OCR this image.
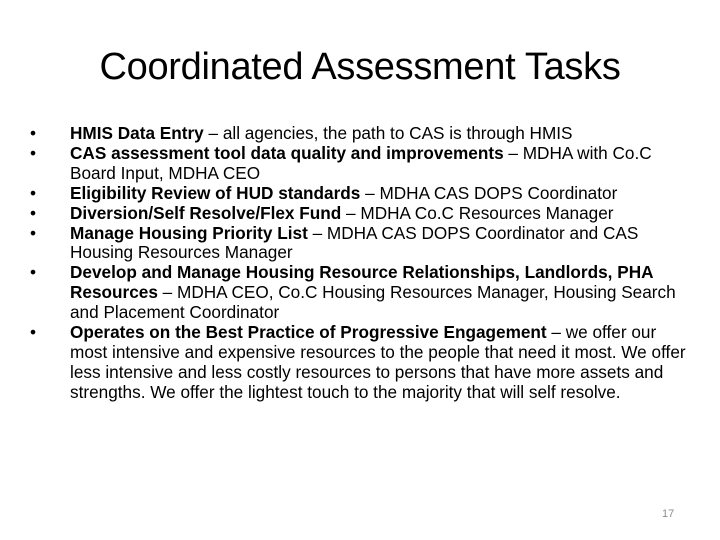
Coordinated Assessment Tasks
• HMIS Data Entry – all agencies, the path to CAS is through HMIS
• CAS assessment tool data quality and improvements – MDHA with Co.C Board Input, MDHA CEO
• Eligibility Review of HUD standards – MDHA CAS DOPS Coordinator
• Diversion/Self Resolve/Flex Fund – MDHA Co.C Resources Manager
• Manage Housing Priority List – MDHA CAS DOPS Coordinator and CAS Housing Resources Manager
• Develop and Manage Housing Resource Relationships, Landlords, PHA Resources – MDHA CEO, Co.C Housing Resources Manager, Housing Search and Placement Coordinator
• Operates on the Best Practice of Progressive Engagement – we offer our most intensive and expensive resources to the people that need it most. We offer less intensive and less costly resources to persons that have more assets and strengths. We offer the lightest touch to the majority that will self resolve.
17
